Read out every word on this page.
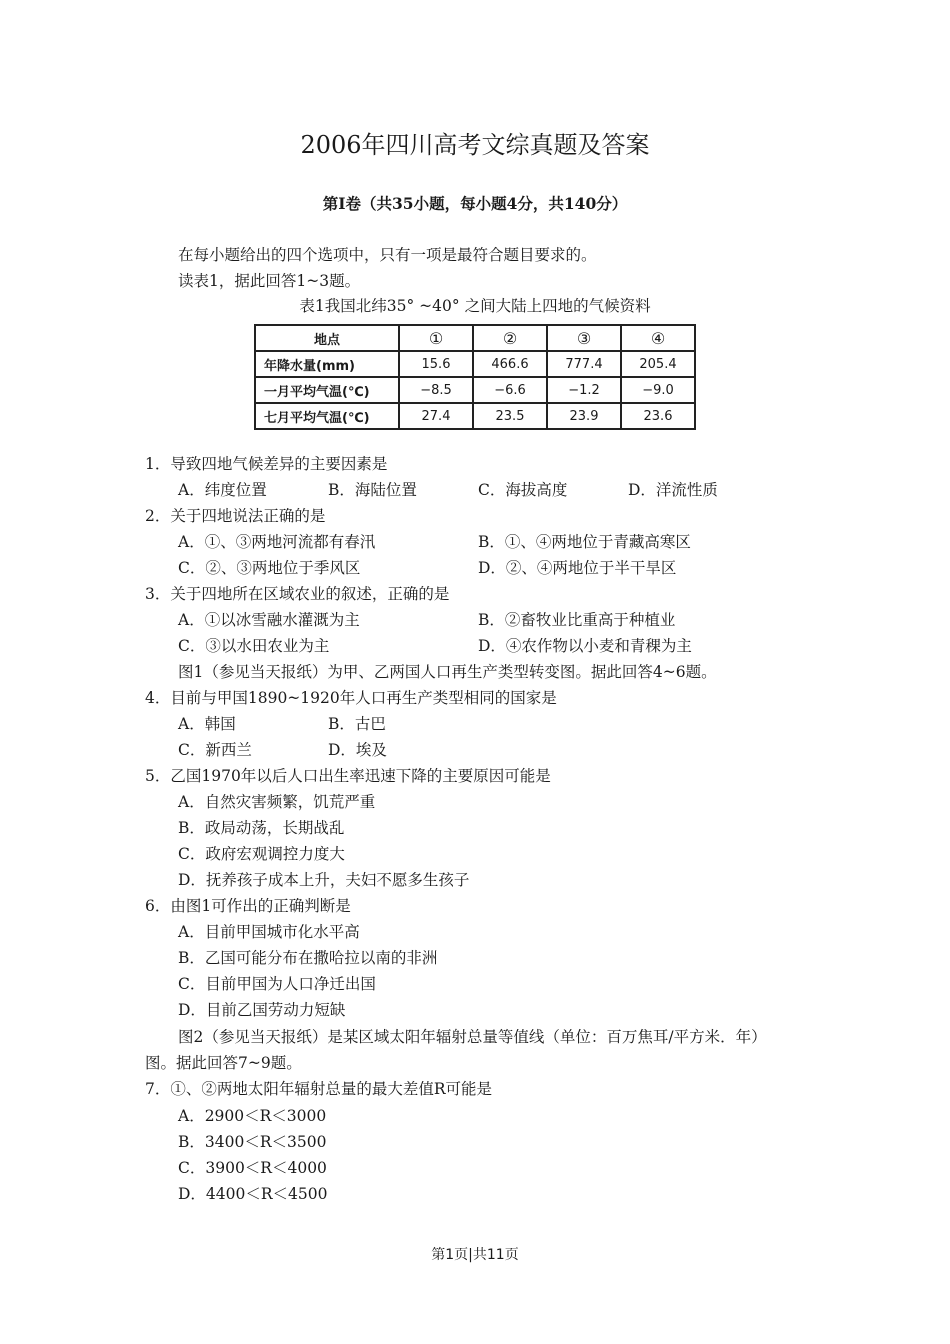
2006年四川高考文综真题及答案
第Ⅰ卷（共35小题，每小题4分，共140分）
在每小题给出的四个选项中，只有一项是最符合题目要求的。
读表1，据此回答1~3题。
表1我国北纬35° ~40° 之间大陆上四地的气候资料
地点	①	②	③	④
年降水量(mm)	15.6	466.6	777.4	205.4
一月平均气温(℃)	−8.5	−6.6	−1.2	−9.0
七月平均气温(℃)	27.4	23.5	23.9	23.6
1．导致四地气候差异的主要因素是
A．纬度位置	B．海陆位置	C．海拔高度	D．洋流性质
2．关于四地说法正确的是
A．①、③两地河流都有春汛	B．①、④两地位于青藏高寒区
C．②、③两地位于季风区	D．②、④两地位于半干旱区
3．关于四地所在区域农业的叙述，正确的是
A．①以冰雪融水灌溉为主	B．②畜牧业比重高于种植业
C．③以水田农业为主	D．④农作物以小麦和青稞为主
图1（参见当天报纸）为甲、乙两国人口再生产类型转变图。据此回答4~6题。
4．目前与甲国1890~1920年人口再生产类型相同的国家是
A．韩国	B．古巴
C．新西兰	D．埃及
5．乙国1970年以后人口出生率迅速下降的主要原因可能是
A．自然灾害频繁，饥荒严重
B．政局动荡，长期战乱
C．政府宏观调控力度大
D．抚养孩子成本上升，夫妇不愿多生孩子
6．由图1可作出的正确判断是
A．目前甲国城市化水平高
B．乙国可能分布在撒哈拉以南的非洲
C．目前甲国为人口净迁出国
D．目前乙国劳动力短缺
图2（参见当天报纸）是某区域太阳年辐射总量等值线（单位：百万焦耳/平方米．年）
图。据此回答7~9题。
7．①、②两地太阳年辐射总量的最大差值R可能是
A．2900＜R＜3000
B．3400＜R＜3500
C．3900＜R＜4000
D．4400＜R＜4500
第1页|共11页
